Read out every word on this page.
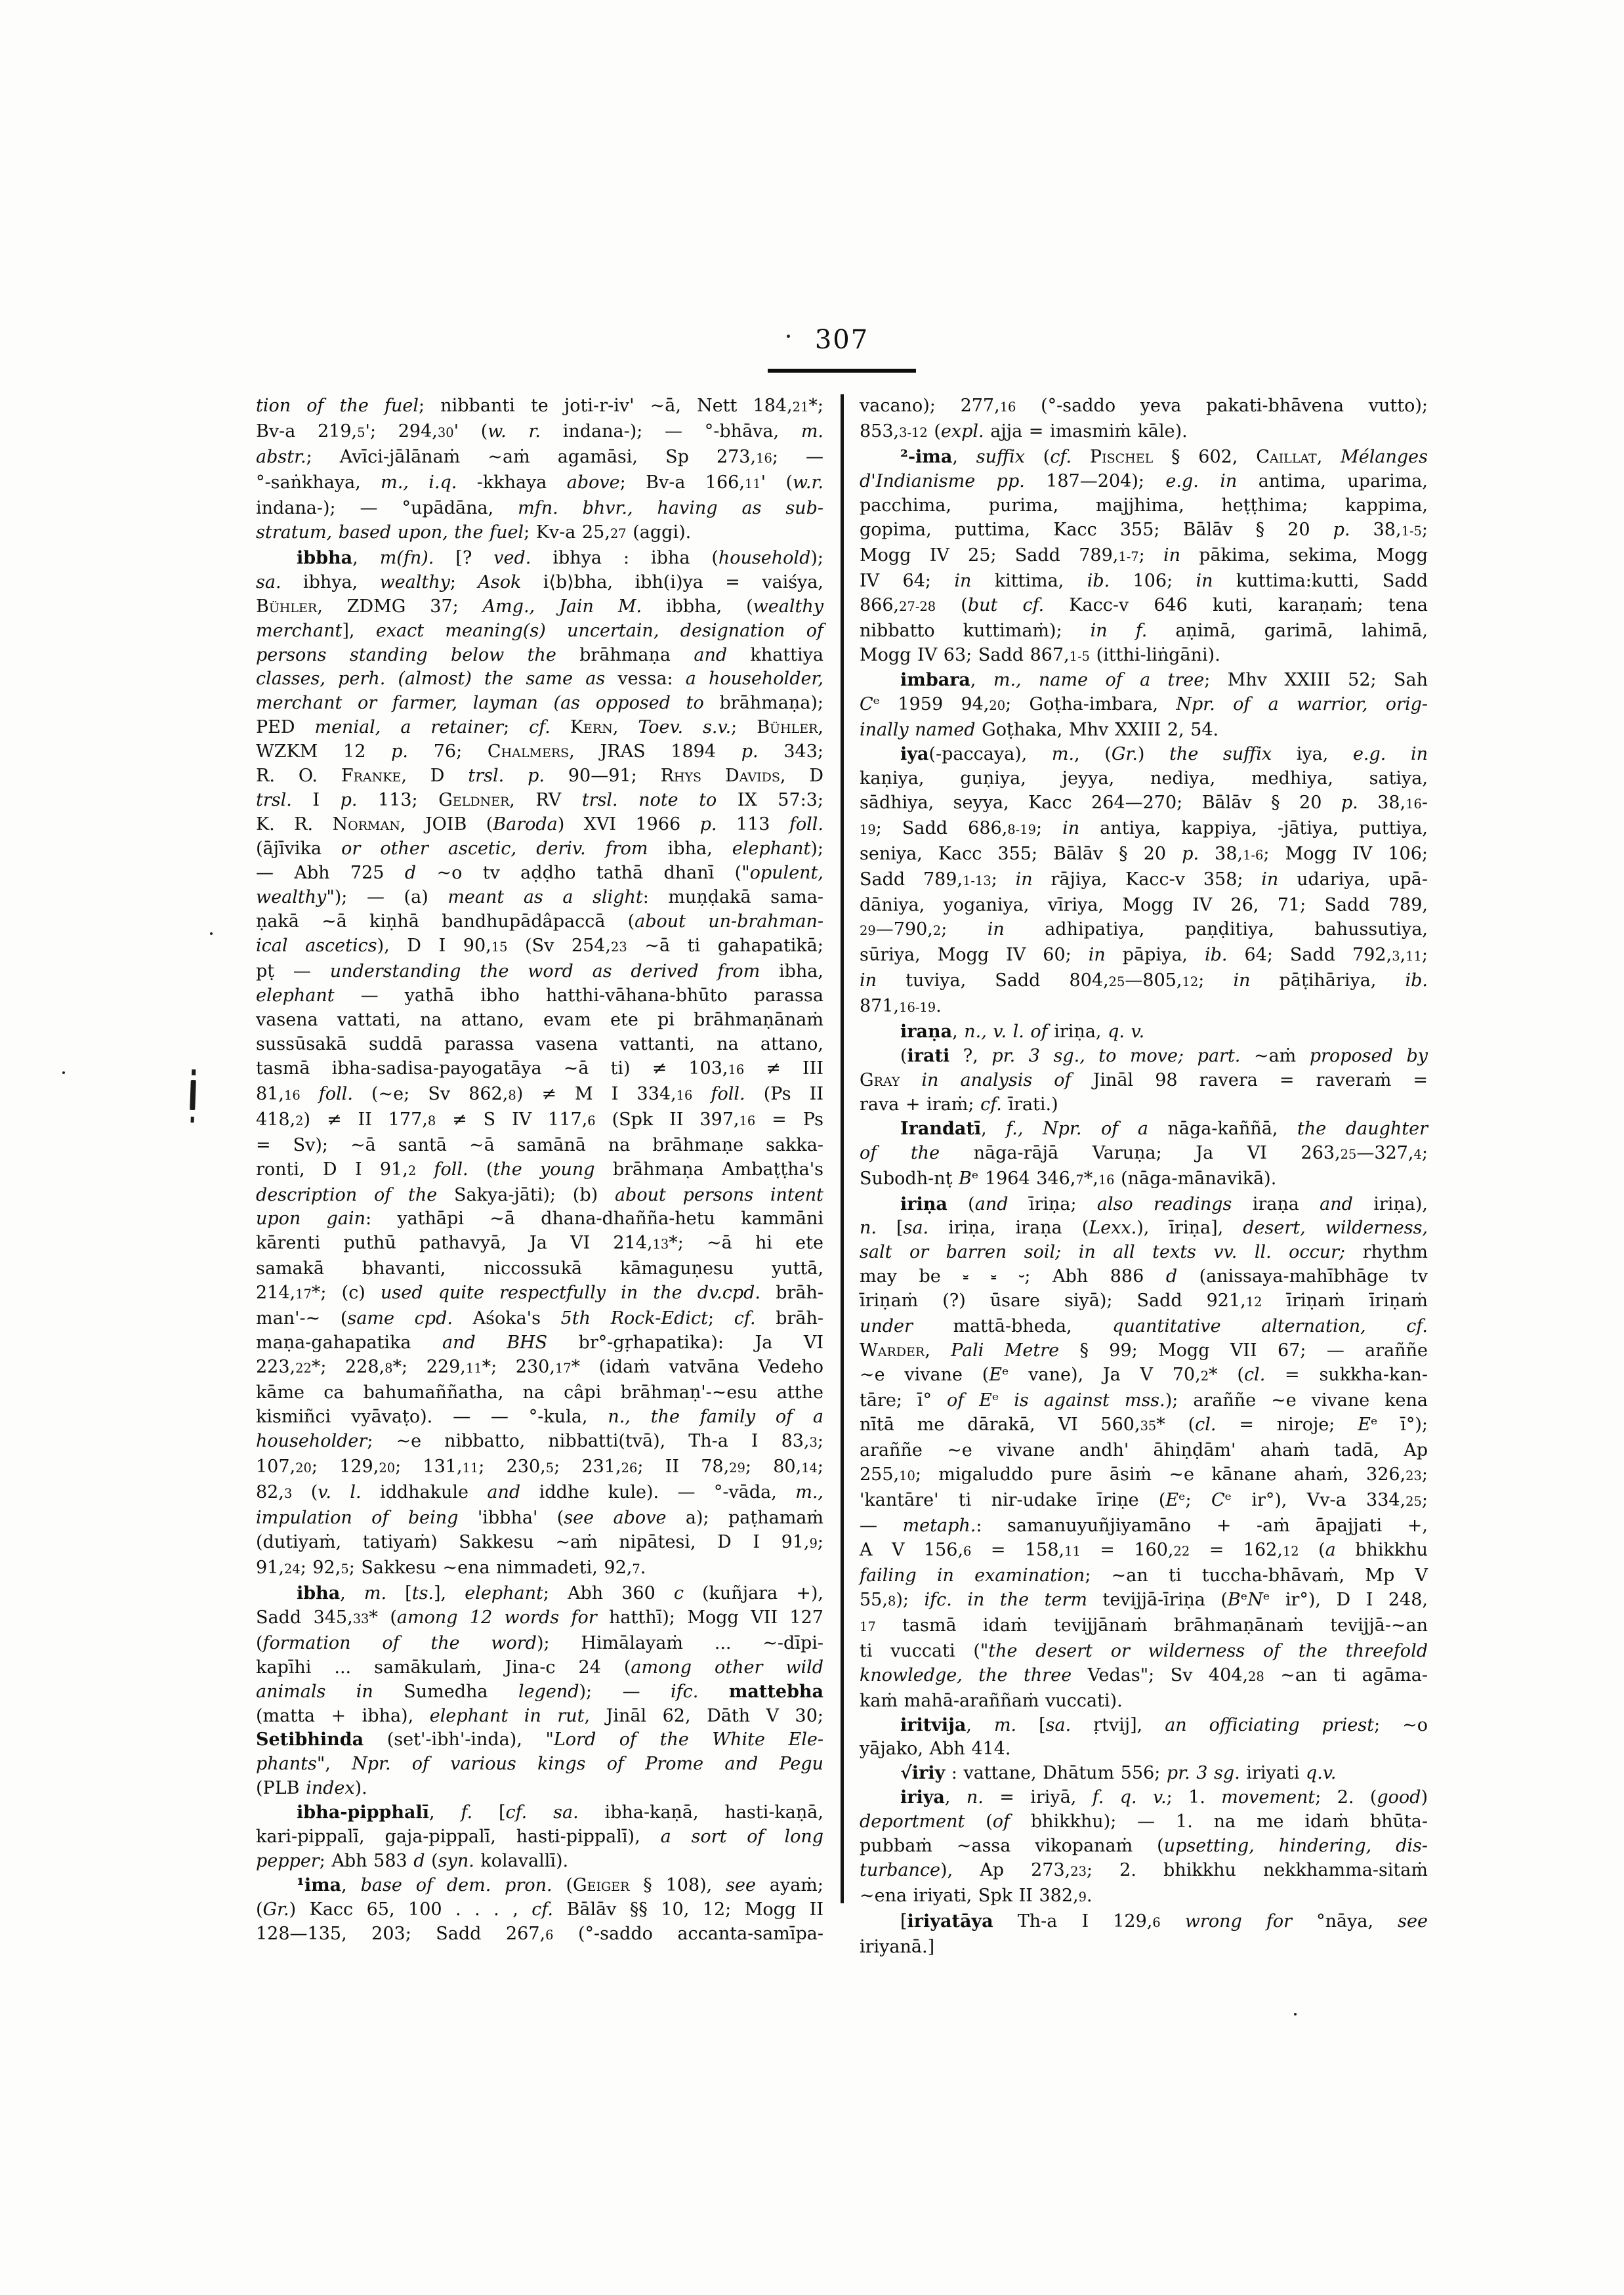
307
tion of the fuel; nibbanti te joti-r-iv' ~ā, Nett 184,21*;
Bv-a 219,5'; 294,30' (w. r. indana-); — °-bhāva, m.
abstr.; Avīci-jālānaṁ ~aṁ agamāsi, Sp 273,16; —
°-saṅkhaya, m., i.q. -kkhaya above; Bv-a 166,11' (w.r.
indana-); — °upādāna, mfn. bhvr., having as sub-
stratum, based upon, the fuel; Kv-a 25,27 (aggi).
ibbha, m(fn). [? ved. ibhya : ibha (household);
sa. ibhya, wealthy; Asok i⟨b⟩bha, ibh(i)ya = vaiśya,
Bühler, ZDMG 37; Amg., Jain M. ibbha, (wealthy
merchant], exact meaning(s) uncertain, designation of
persons standing below the brāhmaṇa and khattiya
classes, perh. (almost) the same as vessa: a householder,
merchant or farmer, layman (as opposed to brāhmaṇa);
PED menial, a retainer; cf. Kern, Toev. s.v.; Bühler,
WZKM 12 p. 76; Chalmers, JRAS 1894 p. 343;
R. O. Franke, D trsl. p. 90—91; Rhys Davids, D
trsl. I p. 113; Geldner, RV trsl. note to IX 57:3;
K. R. Norman, JOIB (Baroda) XVI 1966 p. 113 foll.
(ājīvika or other ascetic, deriv. from ibha, elephant);
— Abh 725 d ~o tv aḍḍho tathā dhanī ("opulent,
wealthy"); — (a) meant as a slight: muṇḍakā sama-
ṇakā ~ā kiṇhā bandhupādâpaccā (about un-brahman-
ical ascetics), D I 90,15 (Sv 254,23 ~ā ti gahapatikā;
pṭ — understanding the word as derived from ibha,
elephant — yathā ibho hatthi-vāhana-bhūto parassa
vasena vattati, na attano, evam ete pi brāhmaṇānaṁ
sussūsakā suddā parassa vasena vattanti, na attano,
tasmā ibha-sadisa-payogatāya ~ā ti) ≠ 103,16 ≠ III
81,16 foll. (~e; Sv 862,8) ≠ M I 334,16 foll. (Ps II
418,2) ≠ II 177,8 ≠ S IV 117,6 (Spk II 397,16 = Ps
= Sv); ~ā santā ~ā samānā na brāhmaṇe sakka-
ronti, D I 91,2 foll. (the young brāhmaṇa Ambaṭṭha's
description of the Sakya-jāti); (b) about persons intent
upon gain: yathāpi ~ā dhana-dhañña-hetu kammāni
kārenti puthū pathavyā, Ja VI 214,13*; ~ā hi ete
samakā bhavanti, niccossukā kāmaguṇesu yuttā,
214,17*; (c) used quite respectfully in the dv.cpd. brāh-
man'-~ (same cpd. Aśoka's 5th Rock-Edict; cf. brāh-
maṇa-gahapatika and BHS br°-gṛhapatika): Ja VI
223,22*; 228,8*; 229,11*; 230,17* (idaṁ vatvāna Vedeho
kāme ca bahumaññatha, na câpi brāhmaṇ'-~esu atthe
kismiñci vyāvaṭo). — — °-kula, n., the family of a
householder; ~e nibbatto, nibbatti(tvā), Th-a I 83,3;
107,20; 129,20; 131,11; 230,5; 231,26; II 78,29; 80,14;
82,3 (v. l. iddhakule and iddhe kule). — °-vāda, m.,
impulation of being 'ibbha' (see above a); paṭhamaṁ
(dutiyaṁ, tatiyaṁ) Sakkesu ~aṁ nipātesi, D I 91,9;
91,24; 92,5; Sakkesu ~ena nimmadeti, 92,7.
ibha, m. [ts.], elephant; Abh 360 c (kuñjara +),
Sadd 345,33* (among 12 words for hatthī); Mogg VII 127
(formation of the word); Himālayaṁ ... ~-dīpi-
kapīhi ... samākulaṁ, Jina-c 24 (among other wild
animals in Sumedha legend); — ifc. mattebha
(matta + ibha), elephant in rut, Jināl 62, Dāth V 30;
Setibhinda (set'-ibh'-inda), "Lord of the White Ele-
phants", Npr. of various kings of Prome and Pegu
(PLB index).
ibha-pipphalī, f. [cf. sa. ibha-kaṇā, hasti-kaṇā,
kari-pippalī, gaja-pippalī, hasti-pippalī), a sort of long
pepper; Abh 583 d (syn. kolavallī).
¹ima, base of dem. pron. (Geiger § 108), see ayaṁ;
(Gr.) Kacc 65, 100 . . . , cf. Bālāv §§ 10, 12; Mogg II
128—135, 203; Sadd 267,6 (°-saddo accanta-samīpa-
vacano); 277,16 (°-saddo yeva pakati-bhāvena vutto);
853,3-12 (expl. ajja = imasmiṁ kāle).
²-ima, suffix (cf. Pischel § 602, Caillat, Mélanges
d'Indianisme pp. 187—204); e.g. in antima, uparima,
pacchima, purima, majjhima, heṭṭhima; kappima,
gopima, puttima, Kacc 355; Bālāv § 20 p. 38,1-5;
Mogg IV 25; Sadd 789,1-7; in pākima, sekima, Mogg
IV 64; in kittima, ib. 106; in kuttima:kutti, Sadd
866,27-28 (but cf. Kacc-v 646 kuti, karaṇaṁ; tena
nibbatto kuttimaṁ); in f. aṇimā, garimā, lahimā,
Mogg IV 63; Sadd 867,1-5 (itthi-liṅgāni).
imbara, m., name of a tree; Mhv XXIII 52; Sah
Cᵉ 1959 94,20; Goṭha-imbara, Npr. of a warrior, orig-
inally named Goṭhaka, Mhv XXIII 2, 54.
iya(-paccaya), m., (Gr.) the suffix iya, e.g. in
kaṇiya, guṇiya, jeyya, nediya, medhiya, satiya,
sādhiya, seyya, Kacc 264—270; Bālāv § 20 p. 38,16-
19; Sadd 686,8-19; in antiya, kappiya, -jātiya, puttiya,
seniya, Kacc 355; Bālāv § 20 p. 38,1-6; Mogg IV 106;
Sadd 789,1-13; in rājiya, Kacc-v 358; in udariya, upā-
dāniya, yoganiya, vīriya, Mogg IV 26, 71; Sadd 789,
29—790,2; in adhipatiya, paṇḍitiya, bahussutiya,
sūriya, Mogg IV 60; in pāpiya, ib. 64; Sadd 792,3,11;
in tuviya, Sadd 804,25—805,12; in pāṭihāriya, ib.
871,16-19.
iraṇa, n., v. l. of iriṇa, q. v.
(irati ?, pr. 3 sg., to move; part. ~aṁ proposed by
Gray in analysis of Jināl 98 ravera = raveraṁ =
rava + iraṁ; cf. īrati.)
Irandatī, f., Npr. of a nāga-kaññā, the daughter
of the nāga-rājā Varuṇa; Ja VI 263,25—327,4;
Subodh-nṭ Bᵉ 1964 346,7*,16 (nāga-mānavikā).
iriṇa (and īriṇa; also readings iraṇa and iriṇa),
n. [sa. iriṇa, iraṇa (Lexx.), īriṇa], desert, wilderness,
salt or barren soil; in all texts vv. ll. occur; rhythm
may be ⏓ ⏓ ⏑; Abh 886 d (anissaya-mahībhāge tv
īriṇaṁ (?) ūsare siyā); Sadd 921,12 īriṇaṁ īriṇaṁ
under mattā-bheda, quantitative alternation, cf.
Warder, Pali Metre § 99; Mogg VII 67; — araññe
~e vivane (Eᵉ vane), Ja V 70,2* (cl. = sukkha-kan-
tāre; ī° of Eᵉ is against mss.); araññe ~e vivane kena
nītā me dārakā, VI 560,35* (cl. = niroje; Eᵉ ī°);
araññe ~e vivane andh' āhiṇḍām' ahaṁ tadā, Ap
255,10; migaluddo pure āsiṁ ~e kānane ahaṁ, 326,23;
'kantāre' ti nir-udake īriṇe (Eᵉ; Cᵉ ir°), Vv-a 334,25;
— metaph.: samanuyuñjiyamāno + -aṁ āpajjati +,
A V 156,6 = 158,11 = 160,22 = 162,12 (a bhikkhu
failing in examination; ~an ti tuccha-bhāvaṁ, Mp V
55,8); ifc. in the term tevijjā-īriṇa (BᵉNᵉ ir°), D I 248,
17 tasmā idaṁ tevijjānaṁ brāhmaṇānaṁ tevijjā-~an
ti vuccati ("the desert or wilderness of the threefold
knowledge, the three Vedas"; Sv 404,28 ~an ti agāma-
kaṁ mahā-araññaṁ vuccati).
iritvija, m. [sa. ṛtvij], an officiating priest; ~o
yājako, Abh 414.
√iriy : vattane, Dhātum 556; pr. 3 sg. iriyati q.v.
iriya, n. = iriyā, f. q. v.; 1. movement; 2. (good)
deportment (of bhikkhu); — 1. na me idaṁ bhūta-
pubbaṁ ~assa vikopanaṁ (upsetting, hindering, dis-
turbance), Ap 273,23; 2. bhikkhu nekkhamma-sitaṁ
~ena iriyati, Spk II 382,9.
[iriyatāya Th-a I 129,6 wrong for °nāya, see
iriyanā.]
